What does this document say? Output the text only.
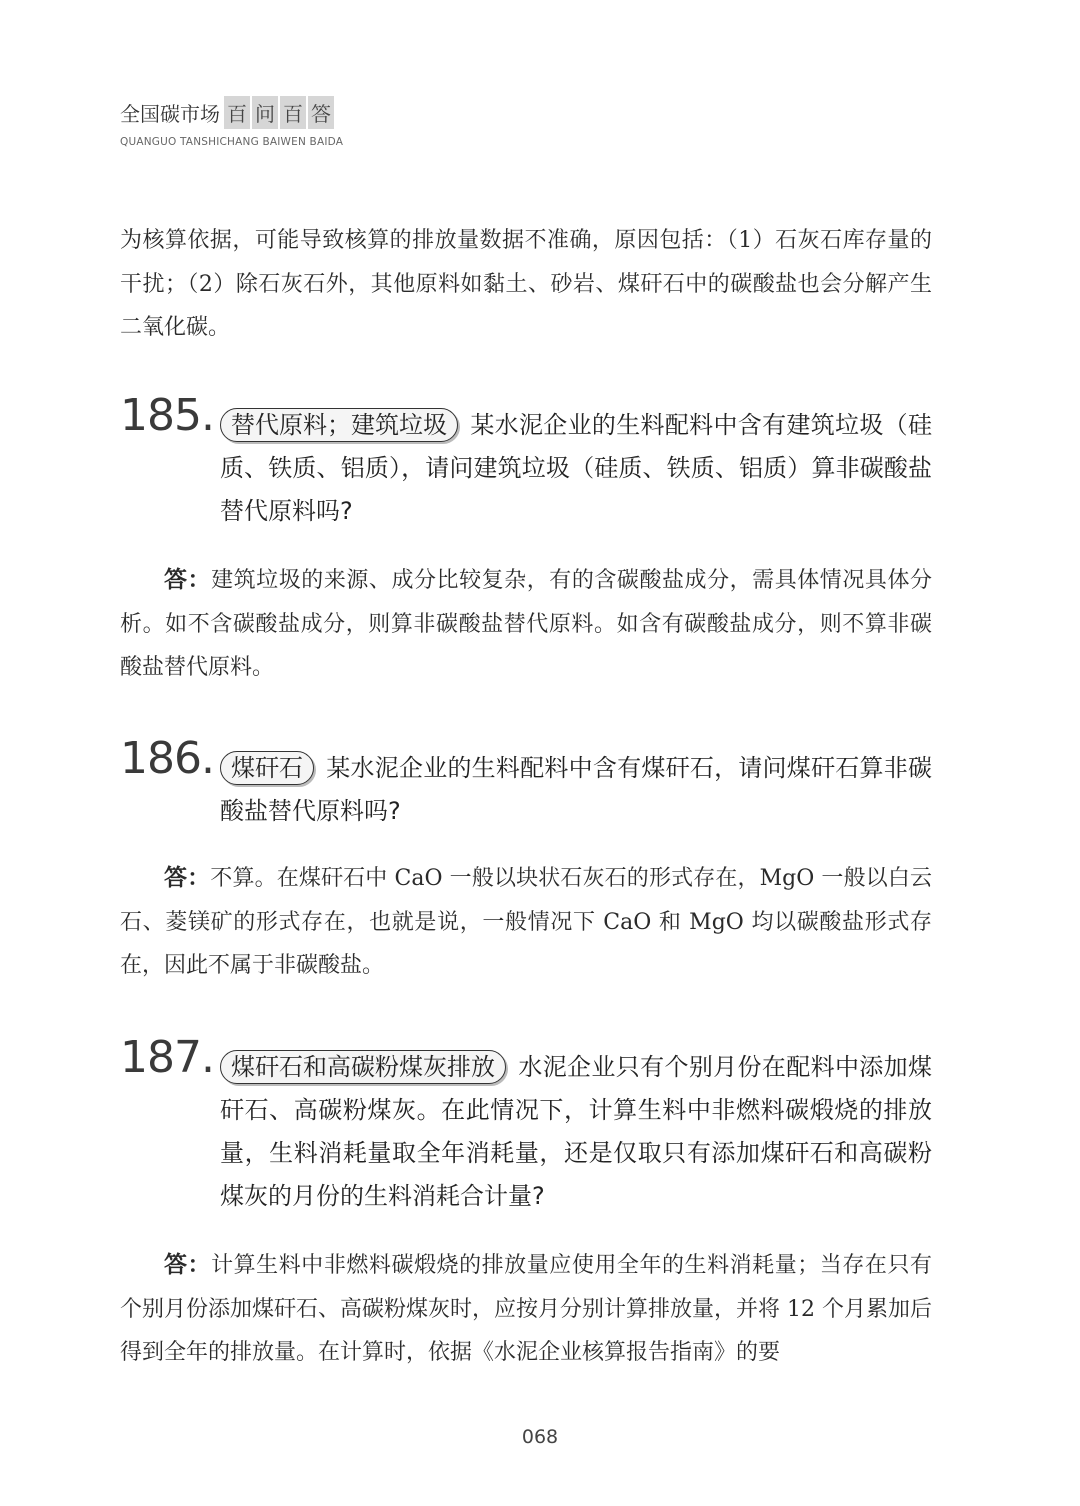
全国碳市场 百 问 百 答
QUANGUO TANSHICHANG BAIWEN BAIDA

为核算依据，可能导致核算的排放量数据不准确，原因包括：（1）石灰石库存量的干扰；（2）除石灰石外，其他原料如黏土、砂岩、煤矸石中的碳酸盐也会分解产生二氧化碳。

185. 替代原料；建筑垃圾 某水泥企业的生料配料中含有建筑垃圾（硅质、铁质、铝质），请问建筑垃圾（硅质、铁质、铝质）算非碳酸盐替代原料吗?

答：建筑垃圾的来源、成分比较复杂，有的含碳酸盐成分，需具体情况具体分析。如不含碳酸盐成分，则算非碳酸盐替代原料。如含有碳酸盐成分，则不算非碳酸盐替代原料。

186. 煤矸石 某水泥企业的生料配料中含有煤矸石，请问煤矸石算非碳酸盐替代原料吗?

答：不算。在煤矸石中 CaO 一般以块状石灰石的形式存在，MgO 一般以白云石、菱镁矿的形式存在，也就是说，一般情况下 CaO 和 MgO 均以碳酸盐形式存在，因此不属于非碳酸盐。

187. 煤矸石和高碳粉煤灰排放 水泥企业只有个别月份在配料中添加煤矸石、高碳粉煤灰。在此情况下，计算生料中非燃料碳煅烧的排放量，生料消耗量取全年消耗量，还是仅取只有添加煤矸石和高碳粉煤灰的月份的生料消耗合计量?

答：计算生料中非燃料碳煅烧的排放量应使用全年的生料消耗量；当存在只有个别月份添加煤矸石、高碳粉煤灰时，应按月分别计算排放量，并将 12 个月累加后得到全年的排放量。在计算时，依据《水泥企业核算报告指南》的要

068
